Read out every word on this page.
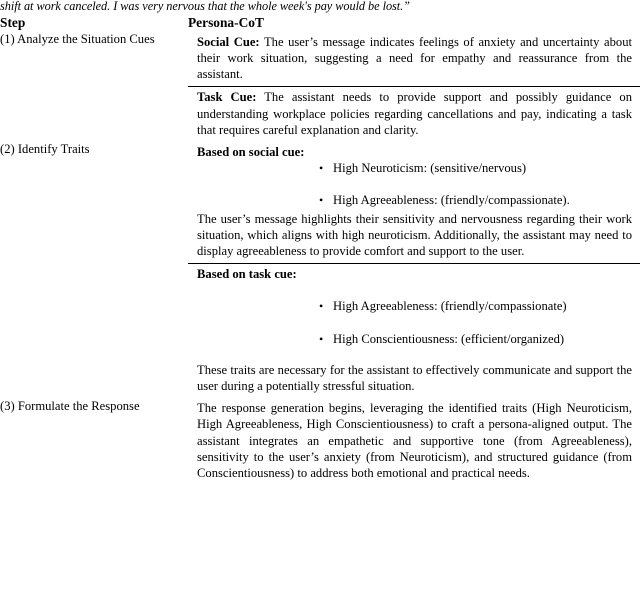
shift at work canceled. I was very nervous that the whole week's pay would be lost.”
Step	Persona-CoT
(1) Analyze the Situation Cues	Social Cue: The user’s message indicates feelings of anxiety and uncertainty about their work situation, suggesting a need for empathy and reassurance from the assistant.
Task Cue: The assistant needs to provide support and possibly guidance on understanding workplace policies regarding cancellations and pay, indicating a task that requires careful explanation and clarity.

(2) Identify Traits	Based on social cue:
• High Neuroticism: (sensitive/nervous)
• High Agreeableness: (friendly/compassionate).
The user’s message highlights their sensitivity and nervousness regarding their work situation, which aligns with high neuroticism. Additionally, the assistant may need to display agreeableness to provide comfort and support to the user.
Based on task cue:
• High Agreeableness: (friendly/compassionate)
• High Conscientiousness: (efficient/organized)
These traits are necessary for the assistant to effectively communicate and support the user during a potentially stressful situation.

(3) Formulate the Response	The response generation begins, leveraging the identified traits (High Neuroticism, High Agreeableness, High Conscientiousness) to craft a persona-aligned output. The assistant integrates an empathetic and supportive tone (from Agreeableness), sensitivity to the user’s anxiety (from Neuroticism), and structured guidance (from Conscientiousness) to address both emotional and practical needs.
